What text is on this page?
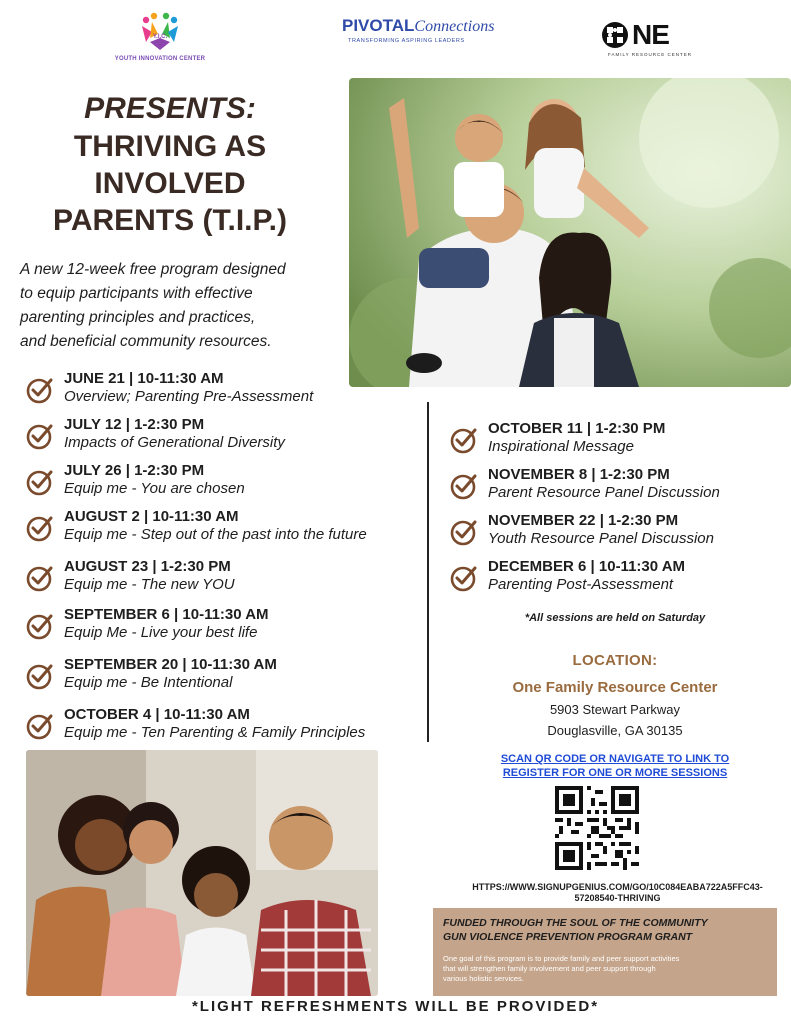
Y.I.C.
YOUTH INNOVATION CENTER
PIVOTALConnections
TRANSFORMING ASPIRING LEADERS	NE
FAMILY RESOURCE CENTER
PRESENTS:
THRIVING AS
INVOLVED
PARENTS (T.I.P.)
A new 12-week free program designed
to equip participants with effective
parenting principles and practices,
and beneficial community resources.
JUNE 21 | 10-11:30 AM
Overview; Parenting Pre-Assessment
JULY 12 | 1-2:30 PM
Impacts of Generational Diversity
JULY 26 | 1-2:30 PM
Equip me - You are chosen
AUGUST 2 | 10-11:30 AM
Equip me - Step out of the past into the future
AUGUST 23 | 1-2:30 PM
Equip me - The new YOU
SEPTEMBER 6 | 10-11:30 AM
Equip Me - Live your best life
SEPTEMBER 20 | 10-11:30 AM
Equip me - Be Intentional
OCTOBER 4 | 10-11:30 AM
Equip me - Ten Parenting & Family Principles
OCTOBER 11 | 1-2:30 PM
Inspirational Message
NOVEMBER 8 | 1-2:30 PM
Parent Resource Panel Discussion
NOVEMBER 22 | 1-2:30 PM
Youth Resource Panel Discussion
DECEMBER 6 | 10-11:30 AM
Parenting Post-Assessment
*All sessions are held on Saturday
LOCATION:
One Family Resource Center
5903 Stewart Parkway
Douglasville, GA 30135
SCAN QR CODE OR NAVIGATE TO LINK TO
REGISTER FOR ONE OR MORE SESSIONS
HTTPS://WWW.SIGNUPGENIUS.COM/GO/10C084EABA722A5FFC43-
57208540-THRIVING
FUNDED THROUGH THE SOUL OF THE COMMUNITY
GUN VIOLENCE PREVENTION PROGRAM GRANT
One goal of this program is to provide family and peer support activities
that will strengthen family involvement and peer support through
various holistic services.
*LIGHT REFRESHMENTS WILL BE PROVIDED*
